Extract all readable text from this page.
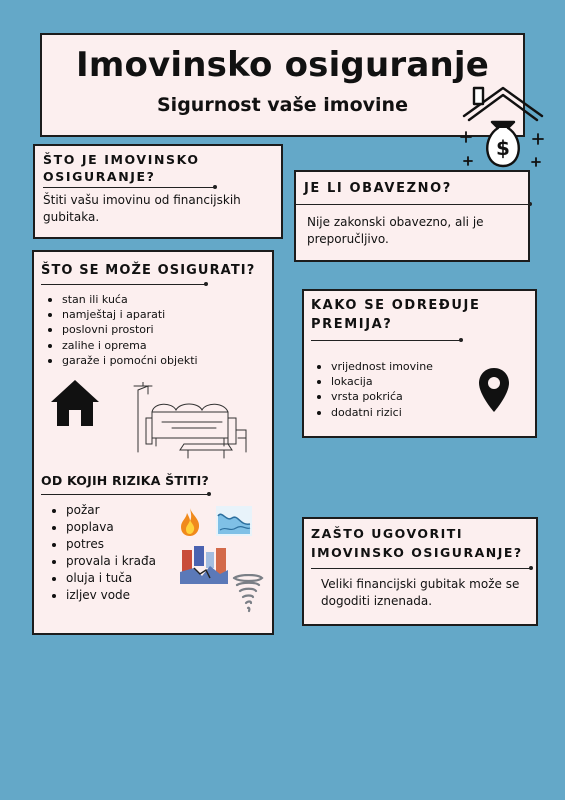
Imovinsko osiguranje
Sigurnost vaše imovine
$
ŠTO JE IMOVINSKO OSIGURANJE?
Štiti vašu imovinu od financijskih gubitaka.
JE LI OBAVEZNO?
Nije zakonski obavezno, ali je preporučljivo.
ŠTO SE MOŽE OSIGURATI?
stan ili kuća
namještaj i aparati
poslovni prostori
zalihe i oprema
garaže i pomoćni objekti
OD KOJIH RIZIKA ŠTITI?
požar
poplava
potres
provala i krađa
oluja i tuča
izljev vode
KAKO SE ODREĐUJE PREMIJA?
vrijednost imovine
lokacija
vrsta pokrića
dodatni rizici
ZAŠTO UGOVORITI IMOVINSKO OSIGURANJE?
Veliki financijski gubitak može se dogoditi iznenada.
